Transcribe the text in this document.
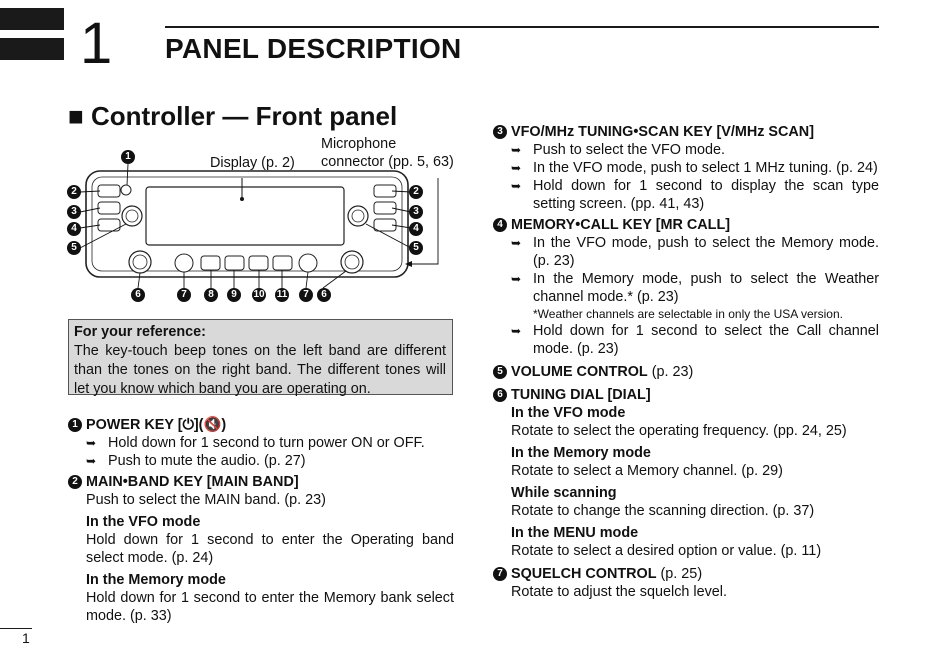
1 PANEL DESCRIPTION
■ Controller — Front panel
Display (p. 2)
Microphone
connector (pp. 5, 63)
1
2
3
4
5
2
3
4
5
6	7	8	9	10 11	7	6
For your reference:
The key-touch beep tones on the left band are different than the tones on the right band. The different tones will let you know which band you are operating on.
1 POWER KEY [⏻](🔇)
➥ Hold down for 1 second to turn power ON or OFF.
➥ Push to mute the audio. (p. 27)
2 MAIN•BAND KEY [MAIN BAND]
Push to select the MAIN band. (p. 23)
In the VFO mode
Hold down for 1 second to enter the Operating band select mode. (p. 24)
In the Memory mode
Hold down for 1 second to enter the Memory bank select mode. (p. 33)
3 VFO/MHz TUNING•SCAN KEY [V/MHz SCAN]
➥ Push to select the VFO mode.
➥ In the VFO mode, push to select 1 MHz tuning. (p. 24)
➥ Hold down for 1 second to display the scan type setting screen. (pp. 41, 43)
4 MEMORY•CALL KEY [MR CALL]
➥ In the VFO mode, push to select the Memory mode. (p. 23)
➥ In the Memory mode, push to select the Weather channel mode.* (p. 23)
*Weather channels are selectable in only the USA version.
➥ Hold down for 1 second to select the Call channel mode. (p. 23)
5 VOLUME CONTROL (p. 23)
6 TUNING DIAL [DIAL]
In the VFO mode
Rotate to select the operating frequency. (pp. 24, 25)
In the Memory mode
Rotate to select a Memory channel. (p. 29)
While scanning
Rotate to change the scanning direction. (p. 37)
In the MENU mode
Rotate to select a desired option or value. (p. 11)
7 SQUELCH CONTROL (p. 25)
Rotate to adjust the squelch level.
1
